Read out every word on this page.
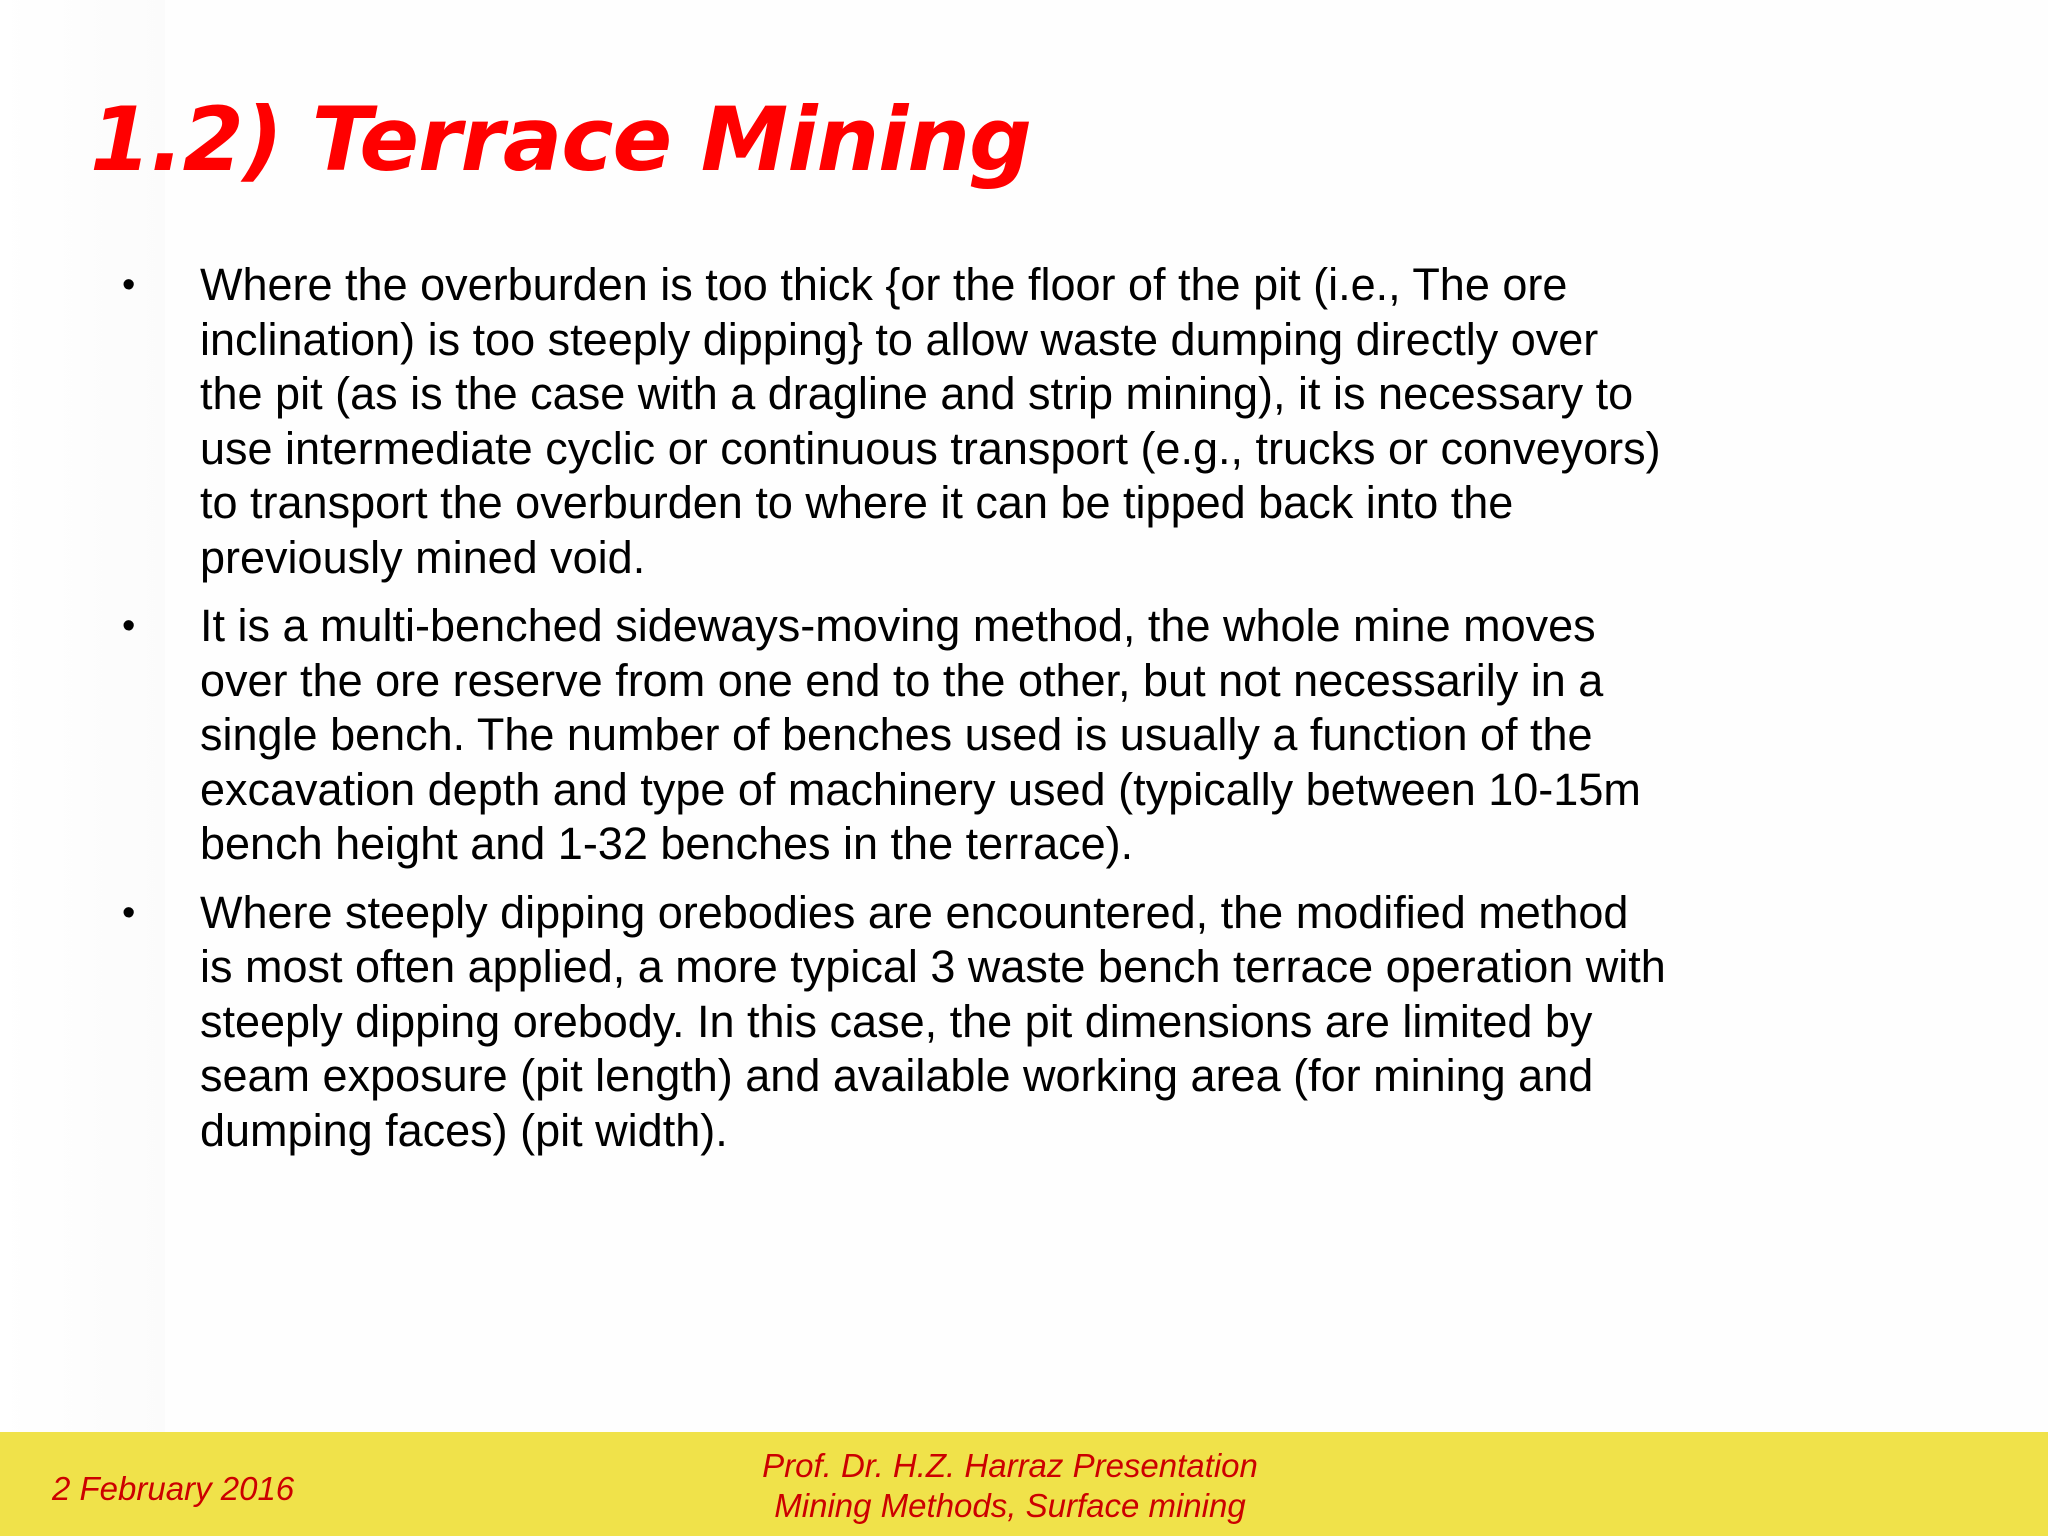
1.2) Terrace Mining
•	Where the overburden is too thick {or the floor of the pit (i.e., The ore
inclination) is too steeply dipping} to allow waste dumping directly over
the pit (as is the case with a dragline and strip mining), it is necessary to
use intermediate cyclic or continuous transport (e.g., trucks or conveyors)
to transport the overburden to where it can be tipped back into the
previously mined void.
•	It is a multi-benched sideways-moving method, the whole mine moves
over the ore reserve from one end to the other, but not necessarily in a
single bench. The number of benches used is usually a function of the
excavation depth and type of machinery used (typically between 10-15m
bench height and 1-32 benches in the terrace).
•	Where steeply dipping orebodies are encountered, the modified method
is most often applied, a more typical 3 waste bench terrace operation with
steeply dipping orebody. In this case, the pit dimensions are limited by
seam exposure (pit length) and available working area (for mining and
dumping faces) (pit width).
2 February 2016
Prof. Dr. H.Z. Harraz Presentation
Mining Methods, Surface mining
